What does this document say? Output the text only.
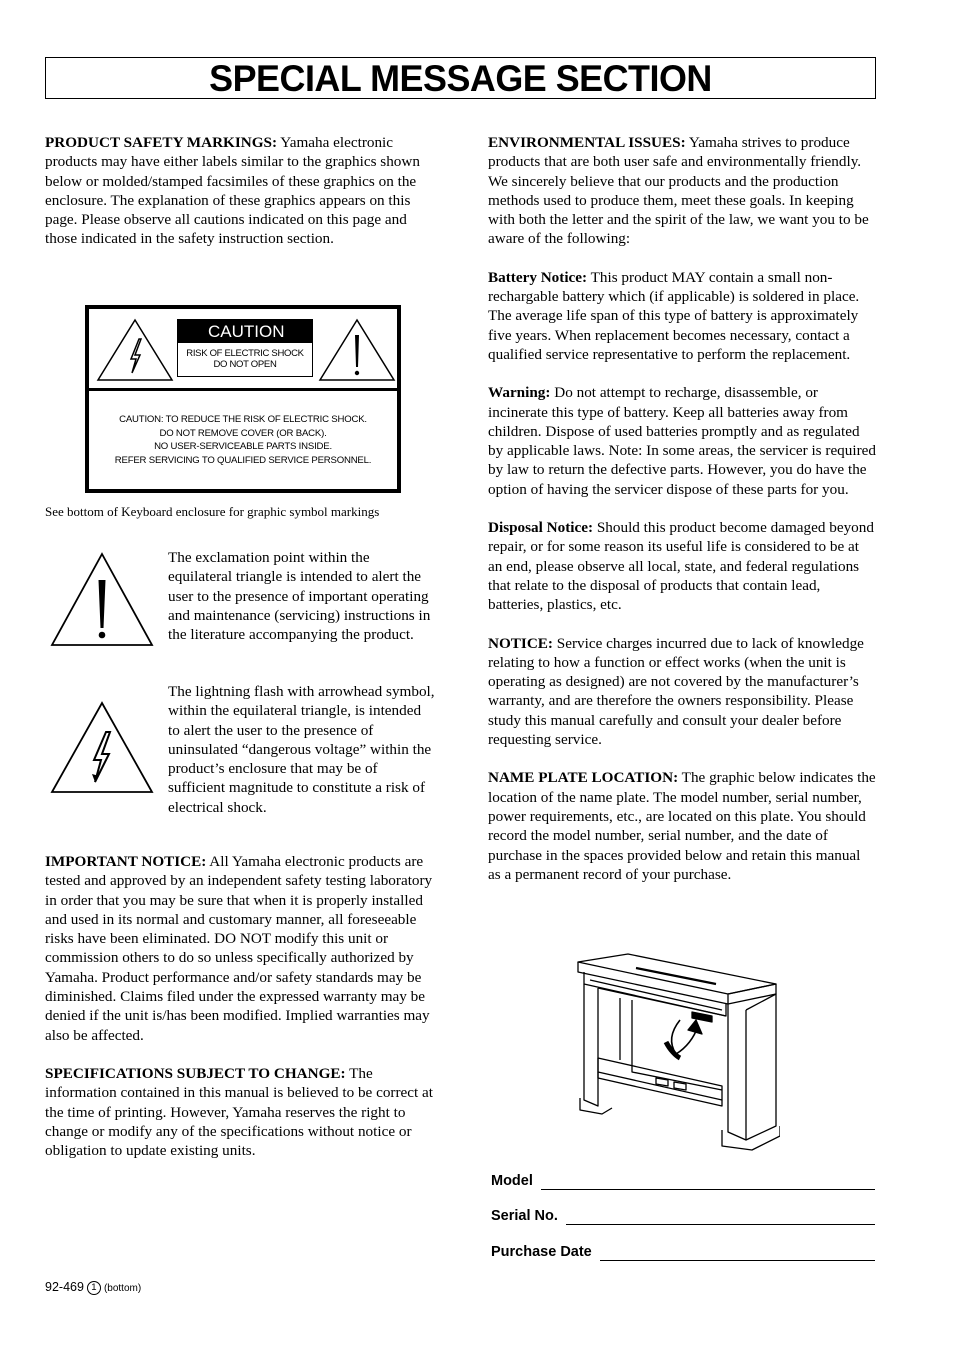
SPECIAL MESSAGE SECTION

PRODUCT SAFETY MARKINGS: Yamaha electronic products may have either labels similar to the graphics shown below or molded/stamped facsimiles of these graphics on the enclosure. The explanation of these graphics appears on this page. Please observe all cautions indicated on this page and those indicated in the safety instruction section.

CAUTION
RISK OF ELECTRIC SHOCK
DO NOT OPEN
CAUTION: TO REDUCE THE RISK OF ELECTRIC SHOCK.
DO NOT REMOVE COVER (OR BACK).
NO USER-SERVICEABLE PARTS INSIDE.
REFER SERVICING TO QUALIFIED SERVICE PERSONNEL.
See bottom of Keyboard enclosure for graphic symbol markings
The exclamation point within the equilateral triangle is intended to alert the user to the presence of important operating and maintenance (servicing) instructions in the literature accompanying the product.
The lightning flash with arrowhead symbol, within the equilateral triangle, is intended to alert the user to the presence of uninsulated “dangerous voltage” within the product’s enclosure that may be of sufficient magnitude to constitute a risk of electrical shock.

IMPORTANT NOTICE: All Yamaha electronic products are tested and approved by an independent safety testing laboratory in order that you may be sure that when it is properly installed and used in its normal and customary manner, all foreseeable risks have been eliminated. DO NOT modify this unit or commission others to do so unless specifically authorized by Yamaha. Product performance and/or safety standards may be diminished. Claims filed under the expressed warranty may be denied if the unit is/has been modified. Implied warranties may also be affected.

SPECIFICATIONS SUBJECT TO CHANGE: The information contained in this manual is believed to be correct at the time of printing. However, Yamaha reserves the right to change or modify any of the specifications without notice or obligation to update existing units.

ENVIRONMENTAL ISSUES: Yamaha strives to produce products that are both user safe and environmentally friendly. We sincerely believe that our products and the production methods used to produce them, meet these goals. In keeping with both the letter and the spirit of the law, we want you to be aware of the following:

Battery Notice: This product MAY contain a small non-rechargable battery which (if applicable) is soldered in place. The average life span of this type of battery is approximately five years. When replacement becomes necessary, contact a qualified service representative to perform the replacement.

Warning: Do not attempt to recharge, disassemble, or incinerate this type of battery. Keep all batteries away from children. Dispose of used batteries promptly and as regulated by applicable laws. Note: In some areas, the servicer is required by law to return the defective parts. However, you do have the option of having the servicer dispose of these parts for you.

Disposal Notice: Should this product become damaged beyond repair, or for some reason its useful life is considered to be at an end, please observe all local, state, and federal regulations that relate to the disposal of products that contain lead, batteries, plastics, etc.

NOTICE: Service charges incurred due to lack of knowledge relating to how a function or effect works (when the unit is operating as designed) are not covered by the manufacturer’s warranty, and are therefore the owners responsibility. Please study this manual carefully and consult your dealer before requesting service.

NAME PLATE LOCATION: The graphic below indicates the location of the name plate. The model number, serial number, power requirements, etc., are located on this plate. You should record the model number, serial number, and the date of purchase in the spaces provided below and retain this manual as a permanent record of your purchase.

Model
Serial No.
Purchase Date
92-469 1 (bottom)
